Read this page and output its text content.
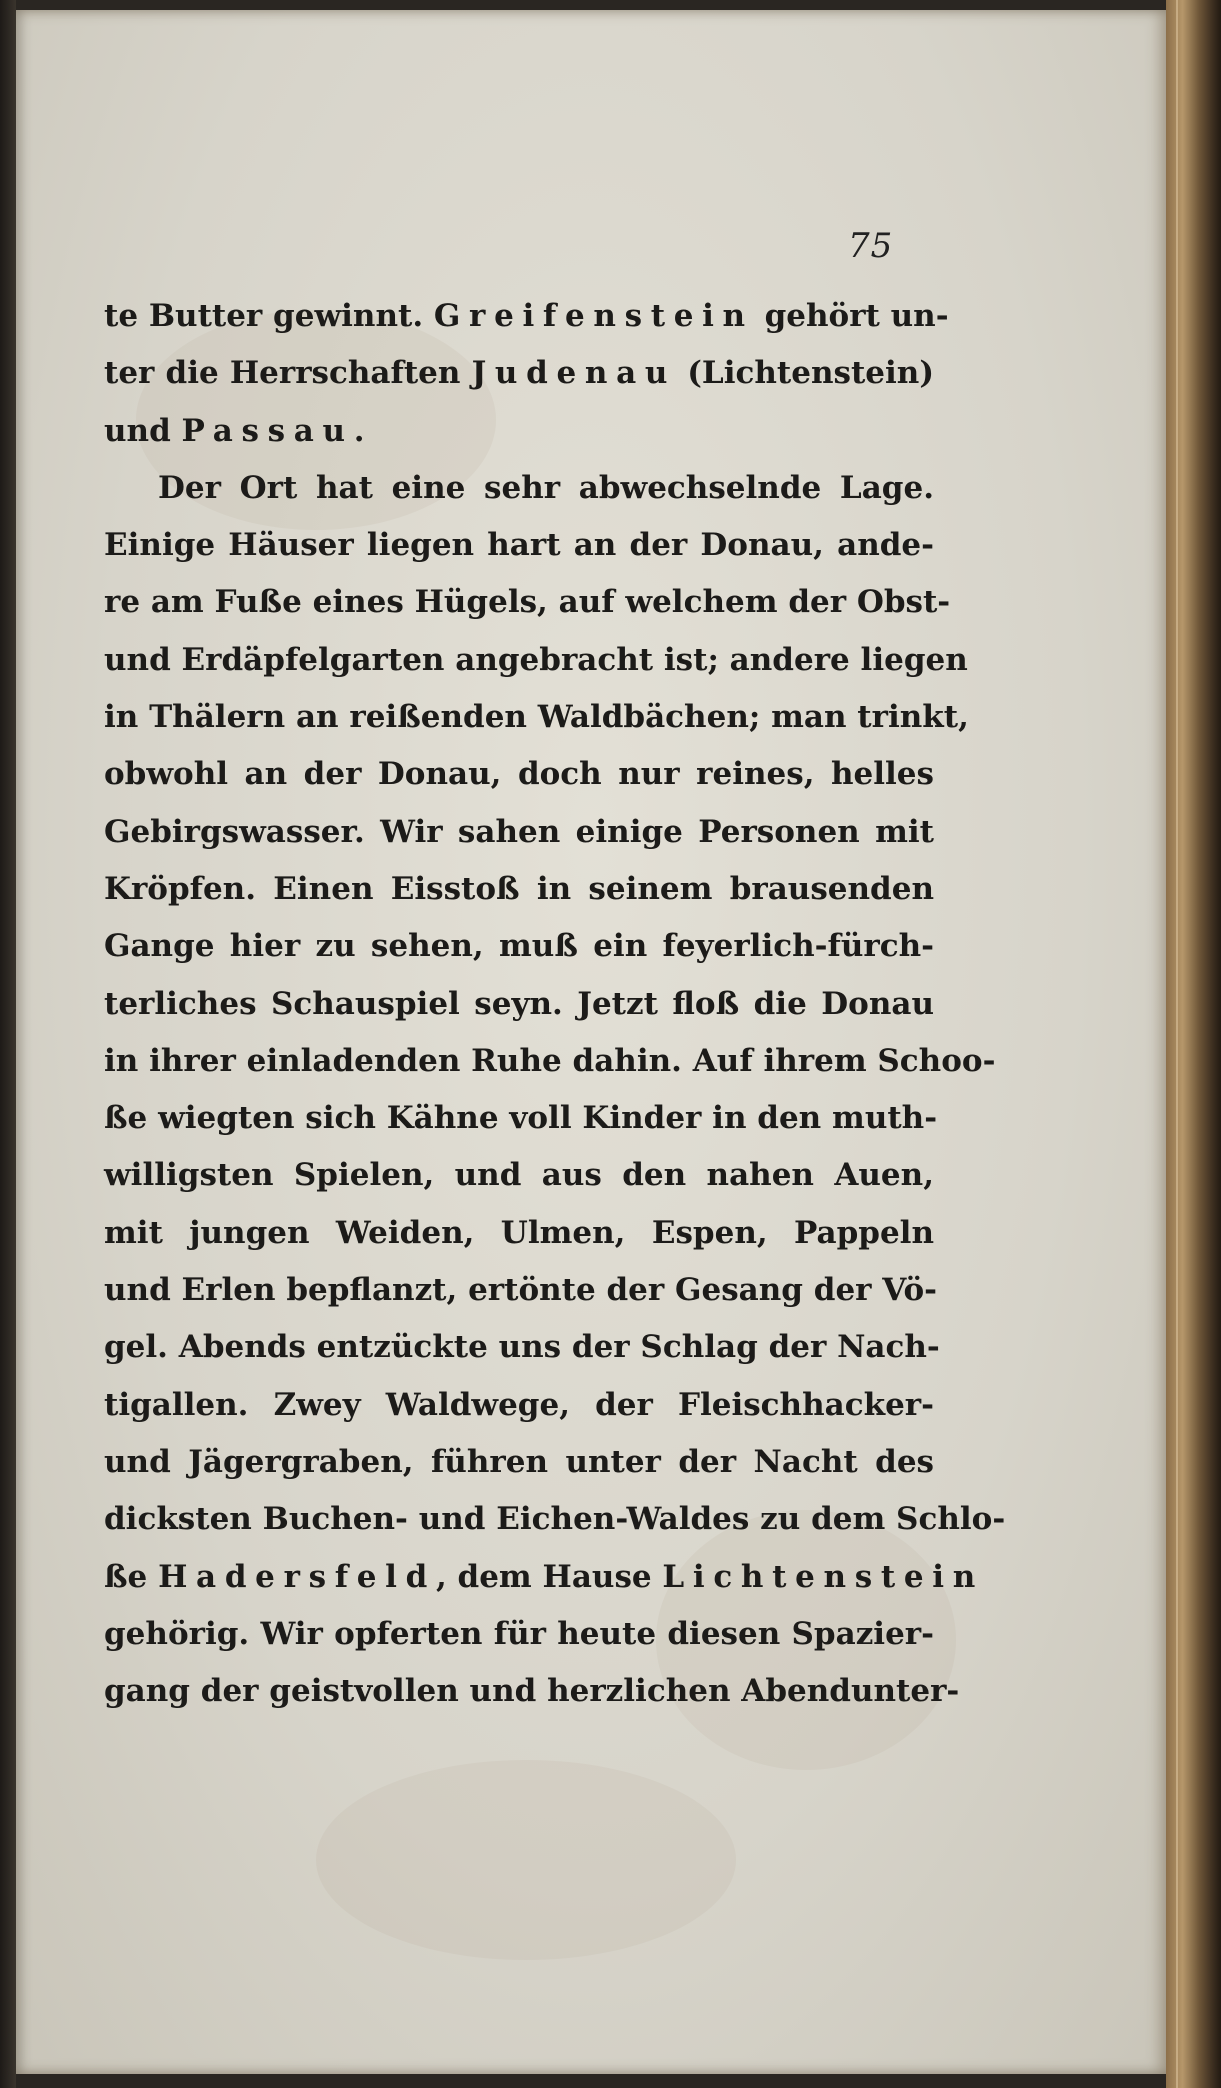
75
te Butter gewinnt. Greifenstein gehört un-
ter die Herrschaften Judenau (Lichtenstein)
und Passau.
Der Ort hat eine sehr abwechselnde Lage.
Einige Häuser liegen hart an der Donau, ande-
re am Fuße eines Hügels, auf welchem der Obst-
und Erdäpfelgarten angebracht ist; andere liegen
in Thälern an reißenden Waldbächen; man trinkt,
obwohl an der Donau, doch nur reines, helles
Gebirgswasser. Wir sahen einige Personen mit
Kröpfen. Einen Eisstoß in seinem brausenden
Gange hier zu sehen, muß ein feyerlich-fürch-
terliches Schauspiel seyn. Jetzt floß die Donau
in ihrer einladenden Ruhe dahin. Auf ihrem Schoo-
ße wiegten sich Kähne voll Kinder in den muth-
willigsten Spielen, und aus den nahen Auen,
mit jungen Weiden, Ulmen, Espen, Pappeln
und Erlen bepflanzt, ertönte der Gesang der Vö-
gel. Abends entzückte uns der Schlag der Nach-
tigallen. Zwey Waldwege, der Fleischhacker-
und Jägergraben, führen unter der Nacht des
dicksten Buchen- und Eichen-Waldes zu dem Schlo-
ße Hadersfeld, dem Hause Lichtenstein
gehörig. Wir opferten für heute diesen Spazier-
gang der geistvollen und herzlichen Abendunter-
